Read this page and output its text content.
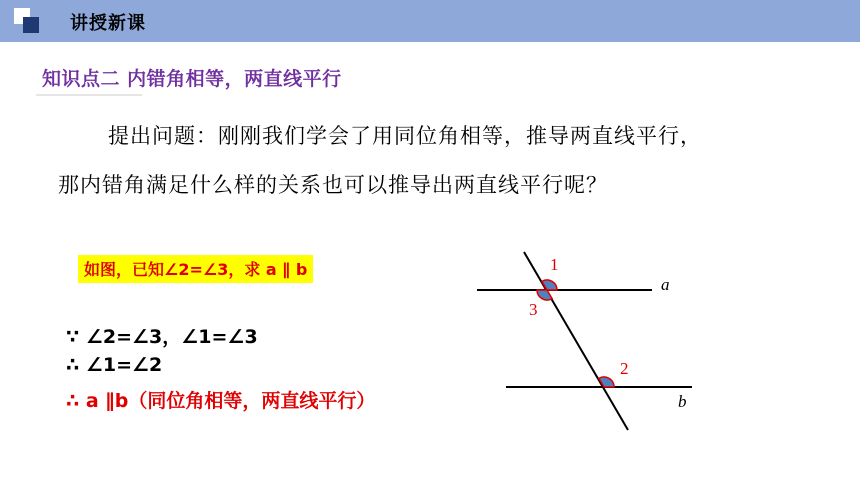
讲授新课
知识点二 内错角相等，两直线平行
提出问题：刚刚我们学会了用同位角相等，推导两直线平行，
那内错角满足什么样的关系也可以推导出两直线平行呢？
如图，已知∠2=∠3，求 a ∥ b
∵ ∠2=∠3，∠1=∠3
∴ ∠1=∠2
∴ a ∥b（同位角相等，两直线平行）
1
3
2
a
b
